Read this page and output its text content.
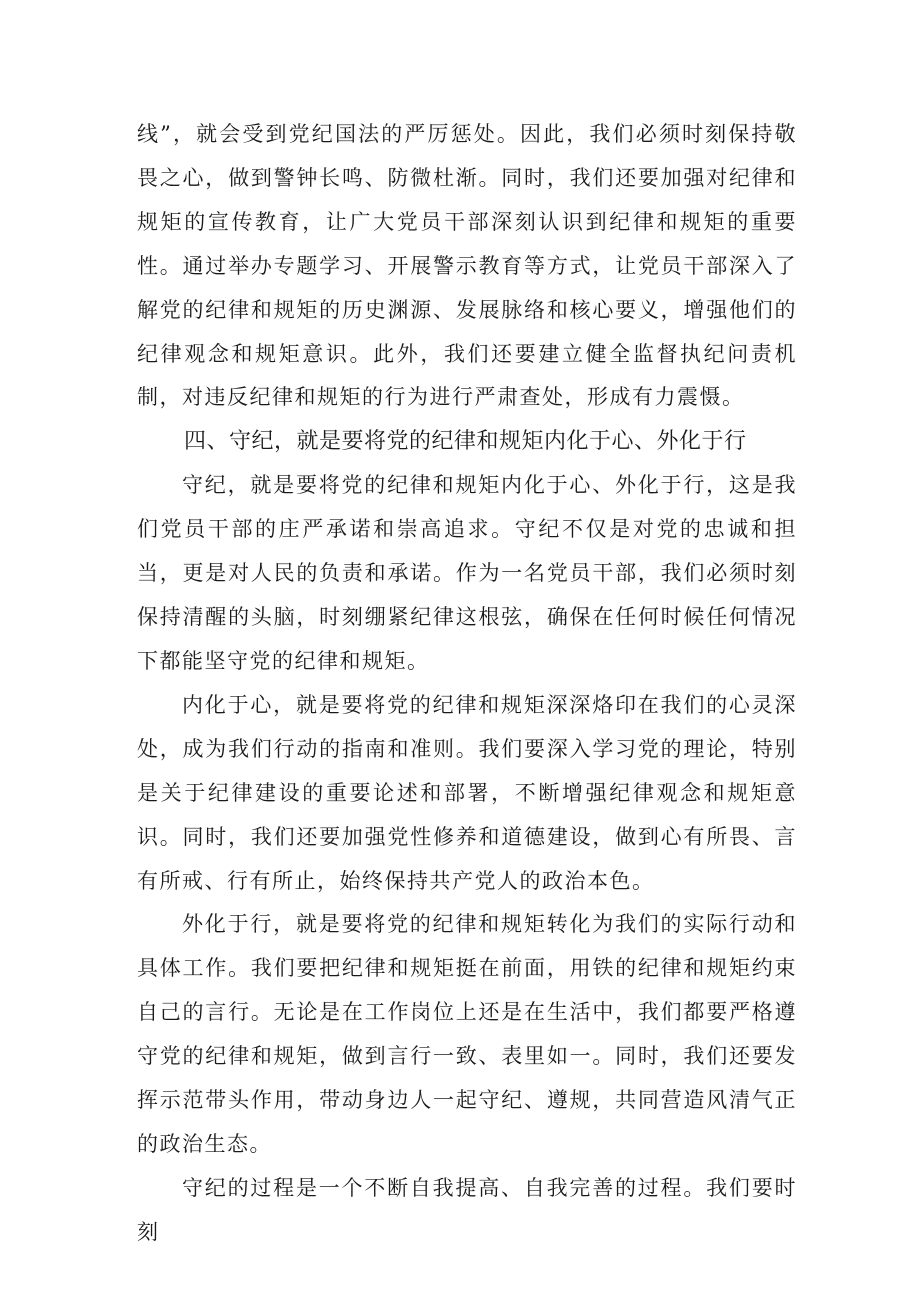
线”，就会受到党纪国法的严厉惩处。因此，我们必须时刻保持敬畏之心，做到警钟长鸣、防微杜渐。同时，我们还要加强对纪律和规矩的宣传教育，让广大党员干部深刻认识到纪律和规矩的重要性。通过举办专题学习、开展警示教育等方式，让党员干部深入了解党的纪律和规矩的历史渊源、发展脉络和核心要义，增强他们的纪律观念和规矩意识。此外，我们还要建立健全监督执纪问责机制，对违反纪律和规矩的行为进行严肃查处，形成有力震慑。

四、守纪，就是要将党的纪律和规矩内化于心、外化于行

守纪，就是要将党的纪律和规矩内化于心、外化于行，这是我们党员干部的庄严承诺和崇高追求。守纪不仅是对党的忠诚和担当，更是对人民的负责和承诺。作为一名党员干部，我们必须时刻保持清醒的头脑，时刻绷紧纪律这根弦，确保在任何时候任何情况下都能坚守党的纪律和规矩。

内化于心，就是要将党的纪律和规矩深深烙印在我们的心灵深处，成为我们行动的指南和准则。我们要深入学习党的理论，特别是关于纪律建设的重要论述和部署，不断增强纪律观念和规矩意识。同时，我们还要加强党性修养和道德建设，做到心有所畏、言有所戒、行有所止，始终保持共产党人的政治本色。

外化于行，就是要将党的纪律和规矩转化为我们的实际行动和具体工作。我们要把纪律和规矩挺在前面，用铁的纪律和规矩约束自己的言行。无论是在工作岗位上还是在生活中，我们都要严格遵守党的纪律和规矩，做到言行一致、表里如一。同时，我们还要发挥示范带头作用，带动身边人一起守纪、遵规，共同营造风清气正的政治生态。

守纪的过程是一个不断自我提高、自我完善的过程。我们要时刻
